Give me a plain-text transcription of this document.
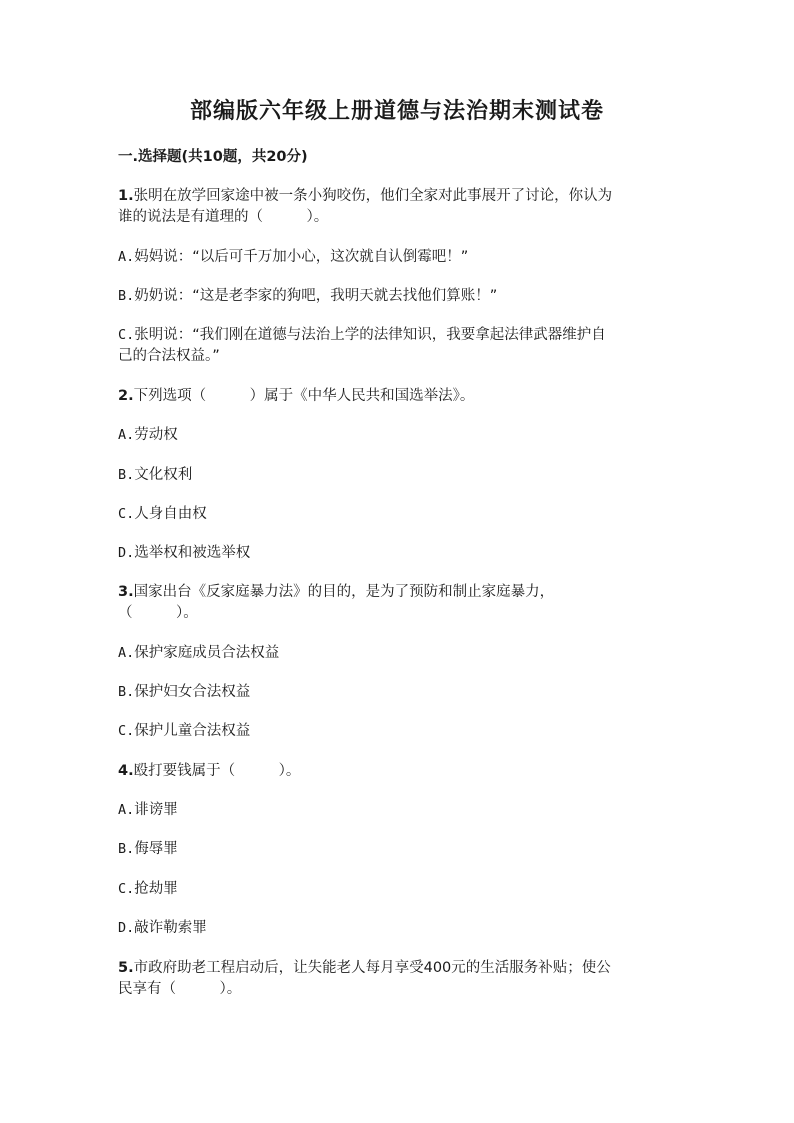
部编版六年级上册道德与法治期末测试卷
一.选择题(共10题，共20分)
1.张明在放学回家途中被一条小狗咬伤，他们全家对此事展开了讨论，你认为
谁的说法是有道理的（　　　）。
A.妈妈说：“以后可千万加小心，这次就自认倒霉吧！”
B.奶奶说：“这是老李家的狗吧，我明天就去找他们算账！”
C.张明说：“我们刚在道德与法治上学的法律知识，我要拿起法律武器维护自
己的合法权益。”
2.下列选项（　　　）属于《中华人民共和国选举法》。
A.劳动权
B.文化权利
C.人身自由权
D.选举权和被选举权
3.国家出台《反家庭暴力法》的目的，是为了预防和制止家庭暴力，
（　　　）。
A.保护家庭成员合法权益
B.保护妇女合法权益
C.保护儿童合法权益
4.殴打要钱属于（　　　）。
A.诽谤罪
B.侮辱罪
C.抢劫罪
D.敲诈勒索罪
5.市政府助老工程启动后，让失能老人每月享受400元的生活服务补贴；使公
民享有（　　　）。
